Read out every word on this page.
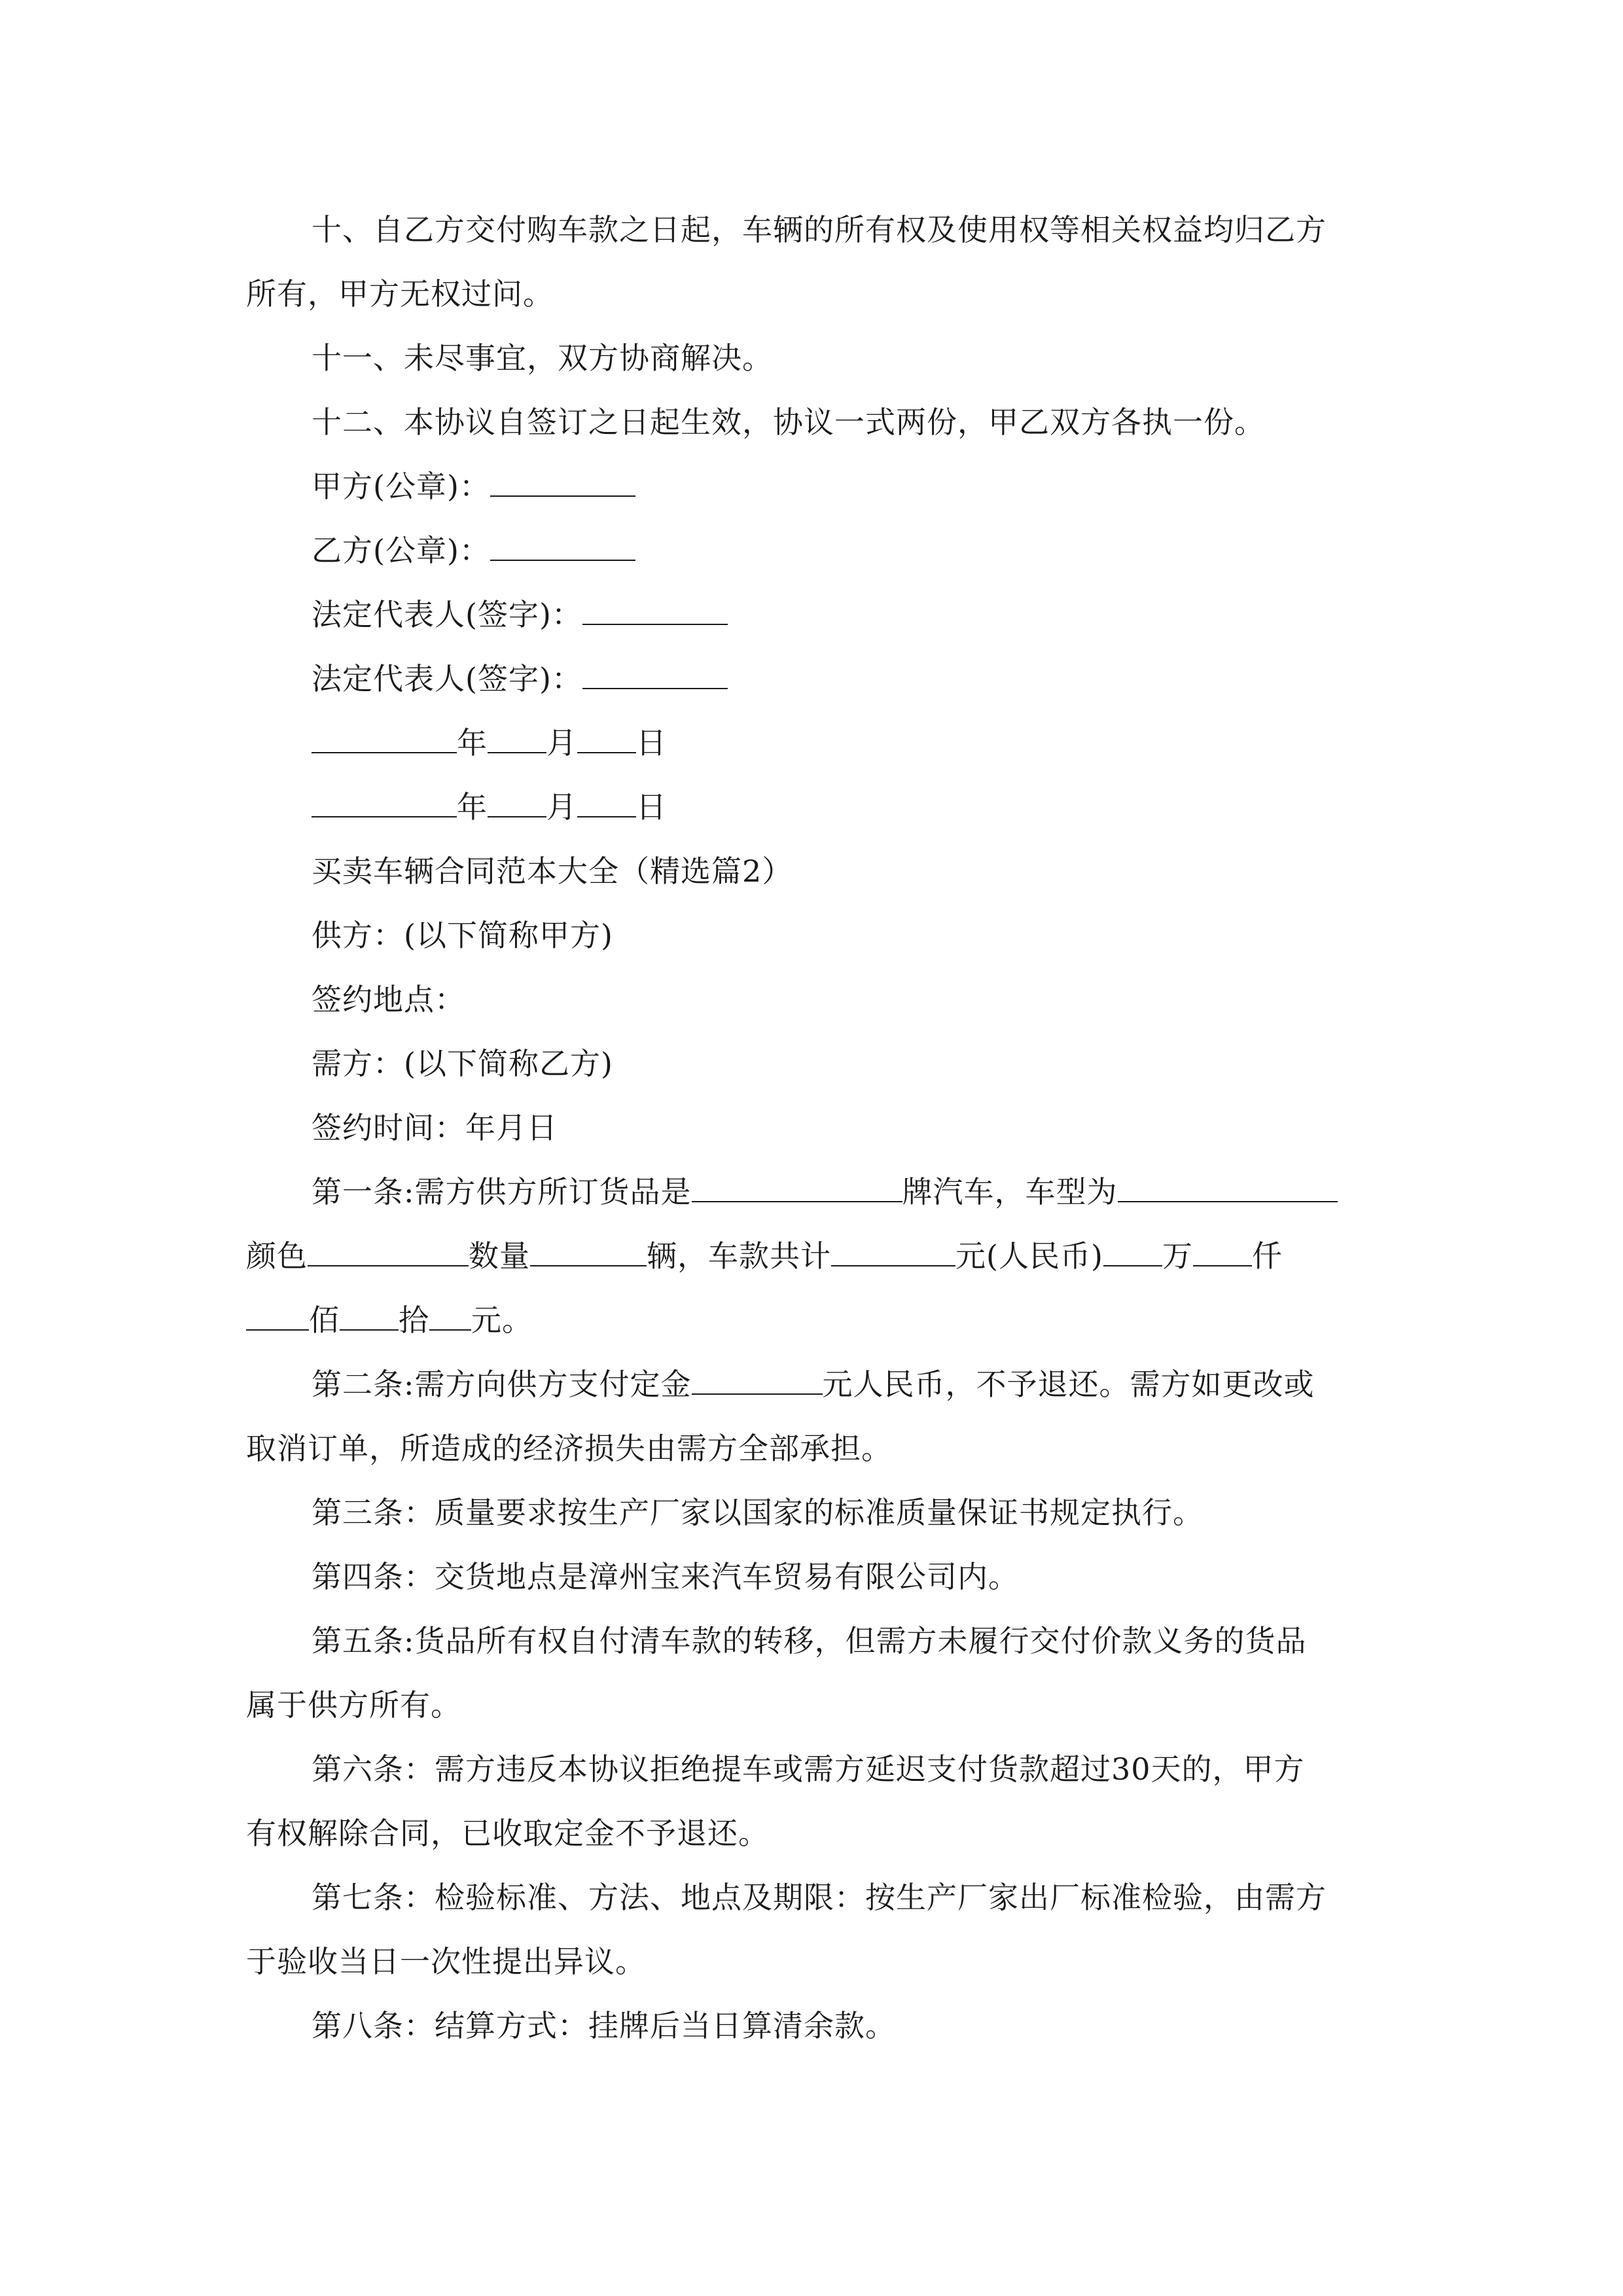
十、自乙方交付购车款之日起，车辆的所有权及使用权等相关权益均归乙方
所有，甲方无权过问。
十一、未尽事宜，双方协商解决。
十二、本协议自签订之日起生效，协议一式两份，甲乙双方各执一份。
甲方(公章)：
乙方(公章)：
法定代表人(签字)：
法定代表人(签字)：
年 月 日
年 月 日
买卖车辆合同范本大全（精选篇2）
供方：(以下简称甲方)
签约地点：
需方：(以下简称乙方)
签约时间：年月日
第一条:需方供方所订货品是	牌汽车，车型为
颜色	数量	辆，车款共计	元(人民币) 万 仟
佰 拾 元。
第二条:需方向供方支付定金	元人民币，不予退还。需方如更改或
取消订单，所造成的经济损失由需方全部承担。
第三条：质量要求按生产厂家以国家的标准质量保证书规定执行。
第四条：交货地点是漳州宝来汽车贸易有限公司内。
第五条:货品所有权自付清车款的转移，但需方未履行交付价款义务的货品
属于供方所有。
第六条：需方违反本协议拒绝提车或需方延迟支付货款超过30天的，甲方
有权解除合同，已收取定金不予退还。
第七条：检验标准、方法、地点及期限：按生产厂家出厂标准检验，由需方
于验收当日一次性提出异议。
第八条：结算方式：挂牌后当日算清余款。
